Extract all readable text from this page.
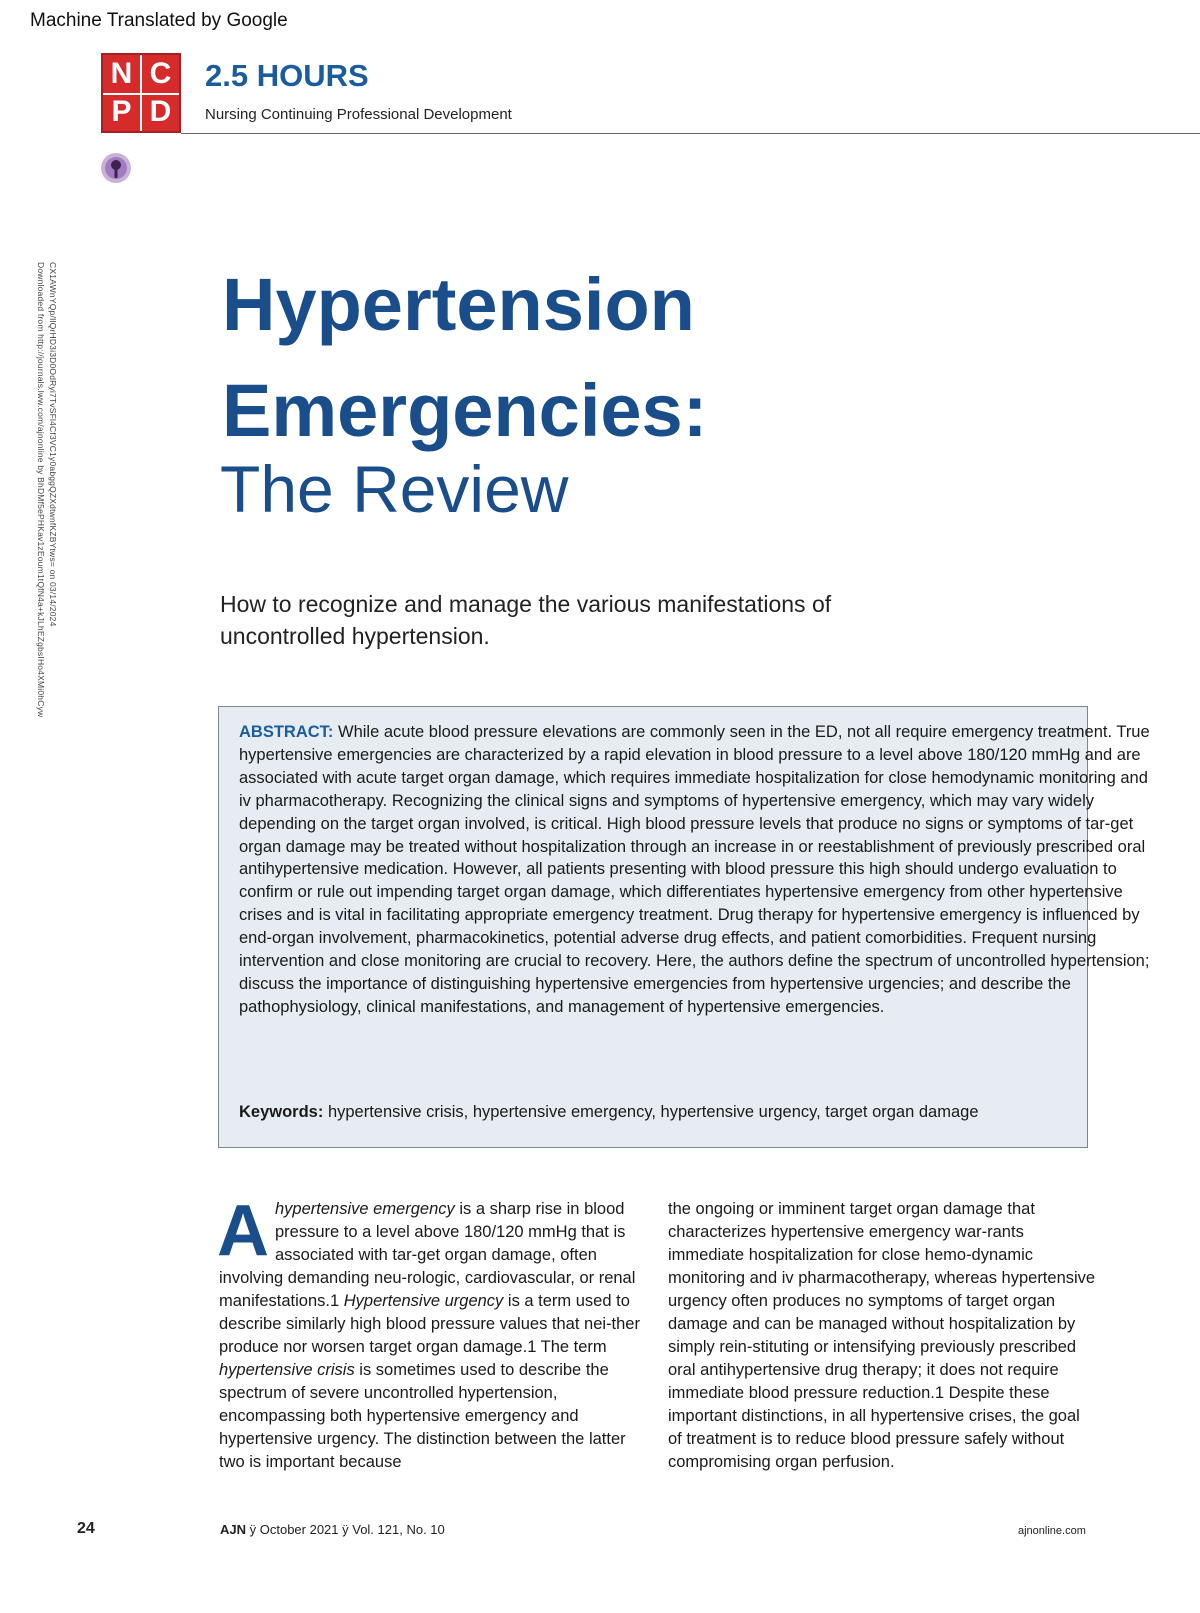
Machine Translated by Google
N C
P D
2.5 HOURS
Nursing Continuing Professional Development
Downloaded from http://journals.lww.com/ajnonline by BhDMf5ePHKav1zEoum1tQfN4a+kJLhEZgbsIHo4XMi0hCyw CX1AWnYQp/IlQrHD3i3D0OdRyi7TvSFl4Cf3VC1y0abggQZXdtwnfKZBYtws= on 03/14/2024 Hypertension
Emergencies:
The Review
How to recognize and manage the various manifestations of uncontrolled hypertension.
ABSTRACT: While acute blood pressure elevations are commonly seen in the ED, not all require emergency treatment. True hypertensive emergencies are characterized by a rapid elevation in blood pressure to a level above 180/120 mmHg and are associated with acute target organ damage, which requires immediate hospitalization for close hemodynamic monitoring and iv pharmacotherapy. Recognizing the clinical signs and symptoms of hypertensive emergency, which may vary widely depending on the target organ involved, is critical. High blood pressure levels that produce no signs or symptoms of tar-get organ damage may be treated without hospitalization through an increase in or reestablishment of previously prescribed oral antihypertensive medication. However, all patients presenting with blood pressure this high should undergo evaluation to confirm or rule out impending target organ damage, which differentiates hypertensive emergency from other hypertensive crises and is vital in facilitating appropriate emergency treatment. Drug therapy for hypertensive emergency is influenced by end-organ involvement, pharmacokinetics, potential adverse drug effects, and patient comorbidities. Frequent nursing intervention and close monitoring are crucial to recovery. Here, the authors define the spectrum of uncontrolled hypertension; discuss the importance of distinguishing hypertensive emergencies from hypertensive urgencies; and describe the pathophysiology, clinical manifestations, and management of hypertensive emergencies.
Keywords: hypertensive crisis, hypertensive emergency, hypertensive urgency, target organ damage
A hypertensive emergency is a sharp rise in blood pressure to a level above 180/120 mmHg that is associated with tar-get organ damage, often involving demanding neu-rologic, cardiovascular, or renal manifestations.1 Hypertensive urgency is a term used to describe similarly high blood pressure values that nei-ther produce nor worsen target organ damage.1 The term hypertensive crisis is sometimes used to describe the spectrum of severe uncontrolled hypertension, encompassing both hypertensive emergency and hypertensive urgency. The distinction between the latter two is important because
the ongoing or imminent target organ damage that characterizes hypertensive emergency war-rants immediate hospitalization for close hemo-dynamic monitoring and iv pharmacotherapy, whereas hypertensive urgency often produces no symptoms of target organ damage and can be managed without hospitalization by simply rein-stituting or intensifying previously prescribed oral antihypertensive drug therapy; it does not require immediate blood pressure reduction.1 Despite these important distinctions, in all hypertensive crises, the goal of treatment is to reduce blood pressure safely without compromising organ perfusion.
24	AJN ÿ October 2021 ÿ Vol. 121, No. 10	ajnonline.com
